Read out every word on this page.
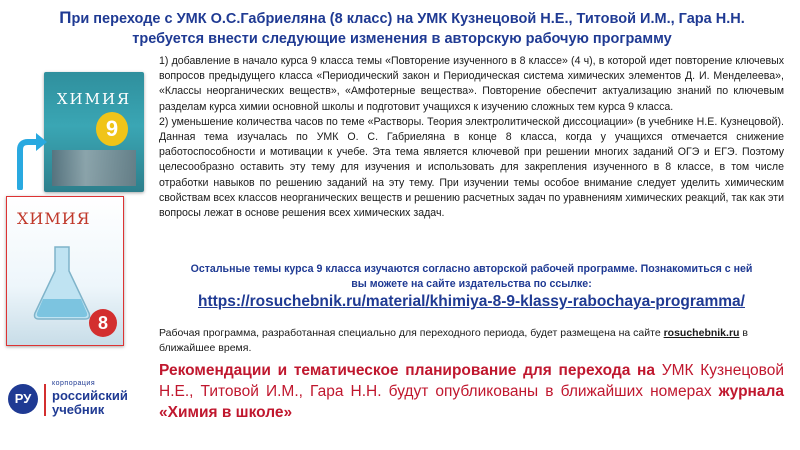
При переходе с УМК О.С.Габриеляна (8 класс) на УМК Кузнецовой Н.Е., Титовой И.М., Гара Н.Н.
требуется внести следующие изменения в авторскую рабочую программу
ХИМИЯ
9
ХИМИЯ
8

1) добавление в начало курса 9 класса темы «Повторение изученного в 8 классе» (4 ч), в которой идет повторение ключевых вопросов предыдущего класса «Периодический закон и Периодическая система химических элементов Д. И. Менделеева», «Классы неорганических веществ», «Амфотерные вещества». Повторение обеспечит актуализацию знаний по ключевым разделам курса химии основной школы и подготовит учащихся к изучению сложных тем курса 9 класса.

2) уменьшение количества часов по теме «Растворы. Теория электролитической диссоциации» (в учебнике Н.Е. Кузнецовой). Данная тема изучалась по УМК О. С. Габриеляна в конце 8 класса, когда у учащихся отмечается снижение работоспособности и мотивации к учебе. Эта тема является ключевой при решении многих заданий ОГЭ и ЕГЭ. Поэтому целесообразно оставить эту тему для изучения и использовать для закрепления изученного в 8 классе, в том числе отработки навыков по решению заданий на эту тему. При изучении темы особое внимание следует уделить химическим свойствам всех классов неорганических веществ и решению расчетных задач по уравнениям химических реакций, так как эти вопросы лежат в основе решения всех химических задач.

Остальные темы курса 9 класса изучаются согласно авторской рабочей программе. Познакомиться с ней
вы можете на сайте издательства по ссылке:
https://rosuchebnik.ru/material/khimiya-8-9-klassy-rabochaya-programma/
Рабочая программа, разработанная специально для переходного периода, будет размещена на сайте rosuchebnik.ru в ближайшее время.
Рекомендации и тематическое планирование для перехода на УМК Кузнецовой Н.Е., Титовой И.М., Гара Н.Н. будут опубликованы в ближайших номерах журнала «Химия в школе»
РУ
корпорация
российский
учебник
